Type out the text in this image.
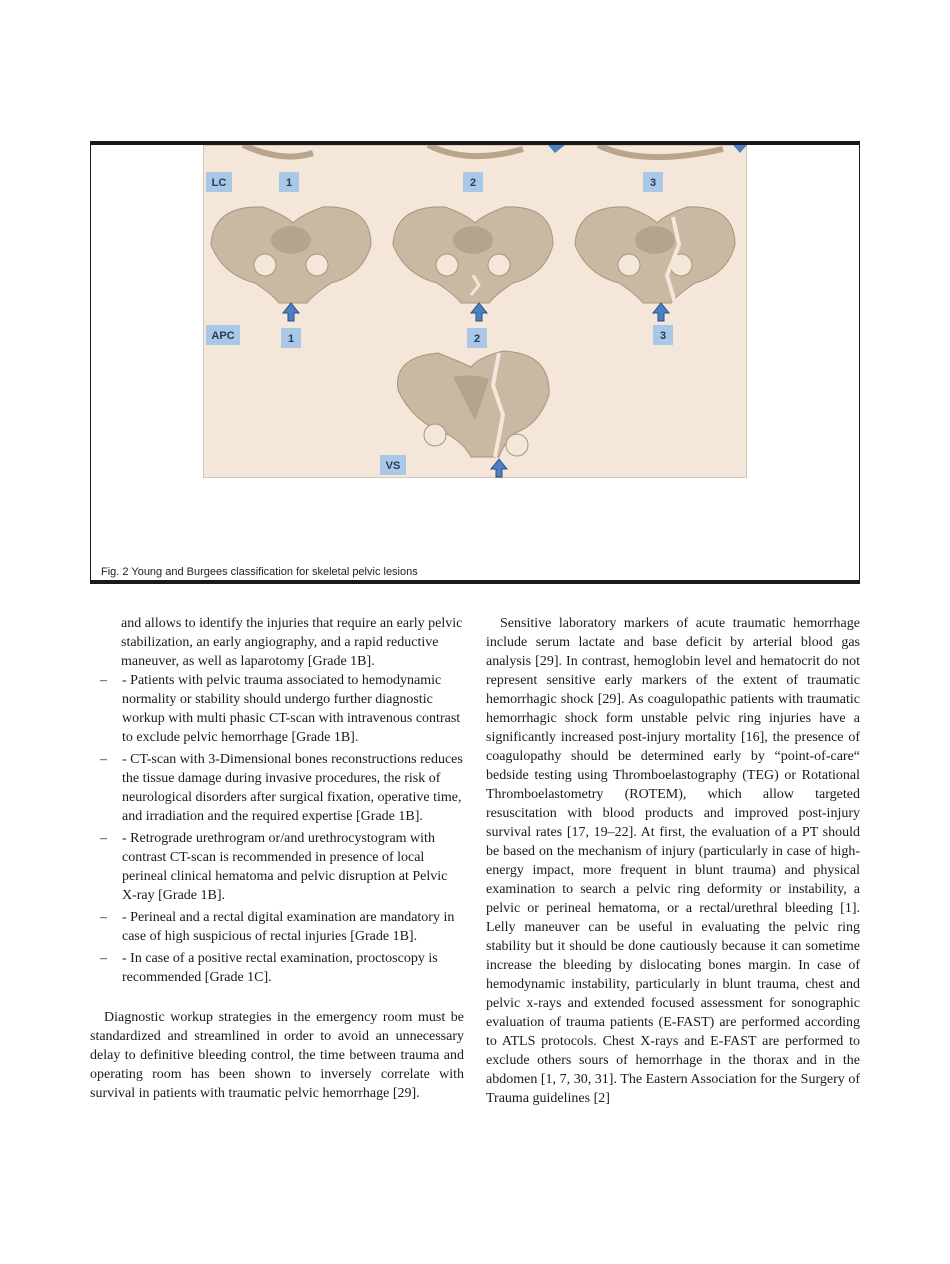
LC	1	2	3
APC	1	2	3
VS
Fig. 2 Young and Burgees classification for skeletal pelvic lesions

and allows to identify the injuries that require an early pelvic stabilization, an early angiography, and a rapid reductive maneuver, as well as laparotomy [Grade 1B].

– - Patients with pelvic trauma associated to hemodynamic normality or stability should undergo further diagnostic workup with multi phasic CT-scan with intravenous contrast to exclude pelvic hemorrhage [Grade 1B].
– - CT-scan with 3-Dimensional bones reconstructions reduces the tissue damage during invasive procedures, the risk of neurological disorders after surgical fixation, operative time, and irradiation and the required expertise [Grade 1B].
– - Retrograde urethrogram or/and urethrocystogram with contrast CT-scan is recommended in presence of local perineal clinical hematoma and pelvic disruption at Pelvic X-ray [Grade 1B].
– - Perineal and a rectal digital examination are mandatory in case of high suspicious of rectal injuries [Grade 1B].
– - In case of a positive rectal examination, proctoscopy is recommended [Grade 1C].

Diagnostic workup strategies in the emergency room must be standardized and streamlined in order to avoid an unnecessary delay to definitive bleeding control, the time between trauma and operating room has been shown to inversely correlate with survival in patients with traumatic pelvic hemorrhage [29].

Sensitive laboratory markers of acute traumatic hemorrhage include serum lactate and base deficit by arterial blood gas analysis [29]. In contrast, hemoglobin level and hematocrit do not represent sensitive early markers of the extent of traumatic hemorrhagic shock [29]. As coagulopathic patients with traumatic hemorrhagic shock form unstable pelvic ring injuries have a significantly increased post-injury mortality [16], the presence of coagulopathy should be determined early by “point-of-care“ bedside testing using Thromboelastography (TEG) or Rotational Thromboelastometry (ROTEM), which allow targeted resuscitation with blood products and improved post-injury survival rates [17, 19–22]. At first, the evaluation of a PT should be based on the mechanism of injury (particularly in case of high-energy impact, more frequent in blunt trauma) and physical examination to search a pelvic ring deformity or instability, a pelvic or perineal hematoma, or a rectal/urethral bleeding [1]. Lelly maneuver can be useful in evaluating the pelvic ring stability but it should be done cautiously because it can sometime increase the bleeding by dislocating bones margin. In case of hemodynamic instability, particularly in blunt trauma, chest and pelvic x-rays and extended focused assessment for sonographic evaluation of trauma patients (E-FAST) are performed according to ATLS protocols. Chest X-rays and E-FAST are performed to exclude others sours of hemorrhage in the thorax and in the abdomen [1, 7, 30, 31]. The Eastern Association for the Surgery of Trauma guidelines [2]
